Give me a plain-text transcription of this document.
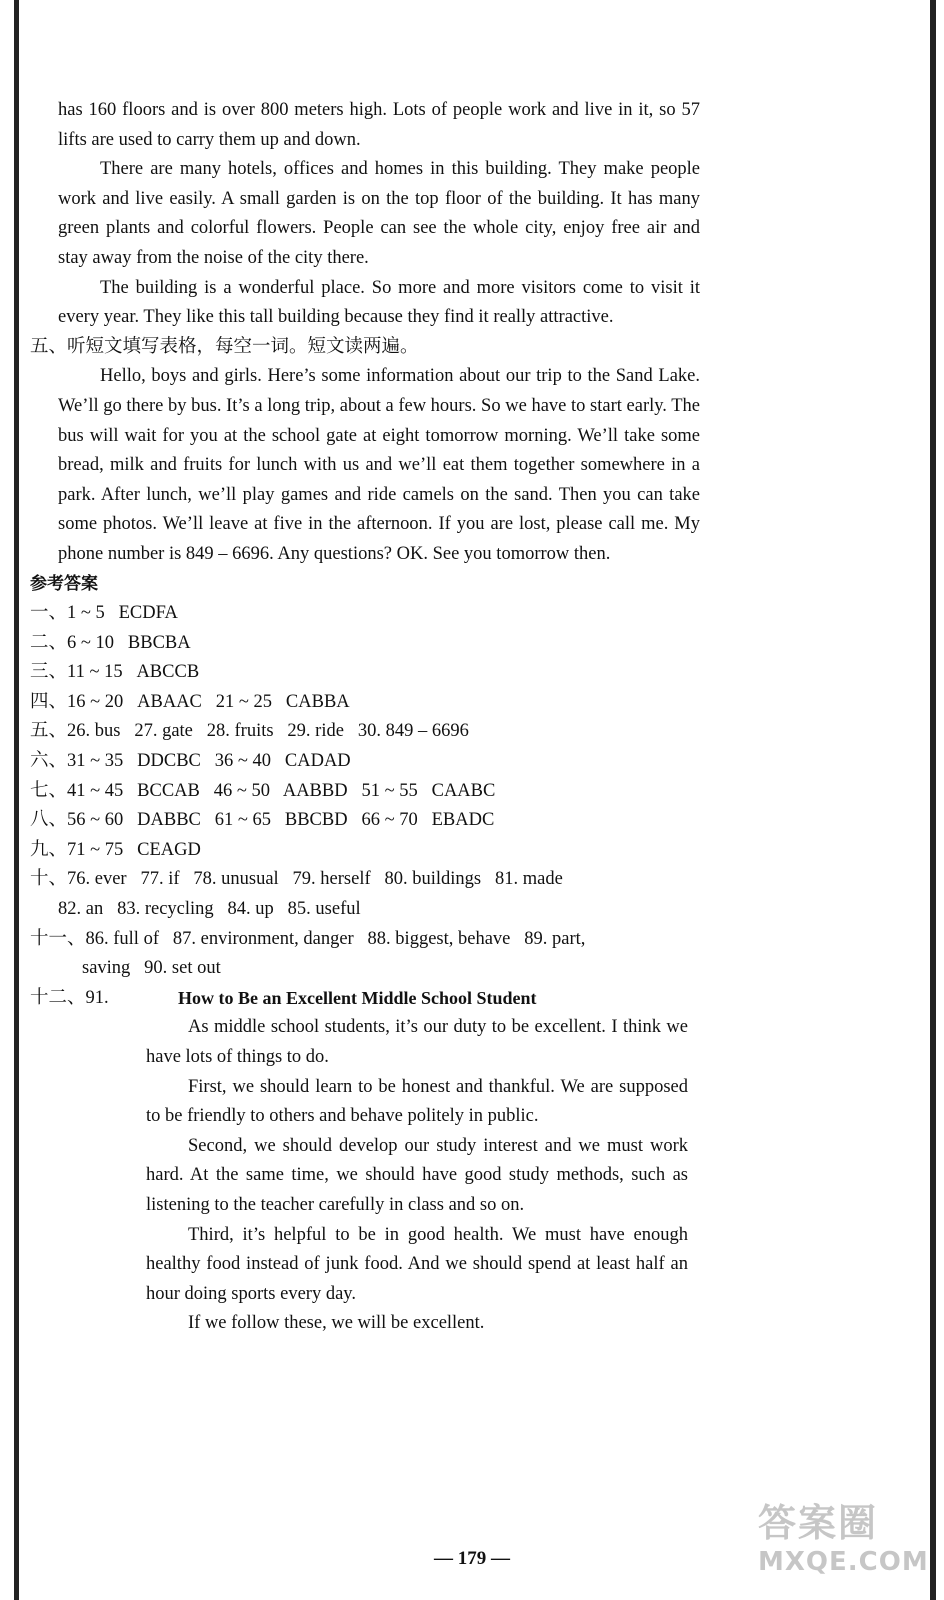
has 160 floors and is over 800 meters high. Lots of people work and live in it, so 57 lifts are used to carry them up and down.

There are many hotels, offices and homes in this building. They make people work and live easily. A small garden is on the top floor of the building. It has many green plants and colorful flowers. People can see the whole city, enjoy free air and stay away from the noise of the city there.

The building is a wonderful place. So more and more visitors come to visit it every year. They like this tall building because they find it really attractive.

五、听短文填写表格，每空一词。短文读两遍。

Hello, boys and girls. Here’s some information about our trip to the Sand Lake. We’ll go there by bus. It’s a long trip, about a few hours. So we have to start early. The bus will wait for you at the school gate at eight tomorrow morning. We’ll take some bread, milk and fruits for lunch with us and we’ll eat them together somewhere in a park. After lunch, we’ll play games and ride camels on the sand. Then you can take some photos. We’ll leave at five in the afternoon. If you are lost, please call me. My phone number is 849 – 6696. Any questions? OK. See you tomorrow then.

参考答案

一、1 ~ 5   ECDFA

二、6 ~ 10   BBCBA

三、11 ~ 15   ABCCB

四、16 ~ 20   ABAAC   21 ~ 25   CABBA

五、26. bus   27. gate   28. fruits   29. ride   30. 849 – 6696

六、31 ~ 35   DDCBC   36 ~ 40   CADAD

七、41 ~ 45   BCCAB   46 ~ 50   AABBD   51 ~ 55   CAABC

八、56 ~ 60   DABBC   61 ~ 65   BBCBD   66 ~ 70   EBADC

九、71 ~ 75   CEAGD

十、76. ever   77. if   78. unusual   79. herself   80. buildings   81. made

82. an   83. recycling   84. up   85. useful

十一、86. full of   87. environment, danger   88. biggest, behave   89. part,

saving   90. set out

十二、91.	How to Be an Excellent Middle School Student

As middle school students, it’s our duty to be excellent. I think we have lots of things to do.

First, we should learn to be honest and thankful. We are supposed to be friendly to others and behave politely in public.

Second, we should develop our study interest and we must work hard. At the same time, we should have good study methods, such as listening to the teacher carefully in class and so on.

Third, it’s helpful to be in good health. We must have enough healthy food instead of junk food. And we should spend at least half an hour doing sports every day.

If we follow these, we will be excellent.

— 179 —
答案圈
MXQE.COM
